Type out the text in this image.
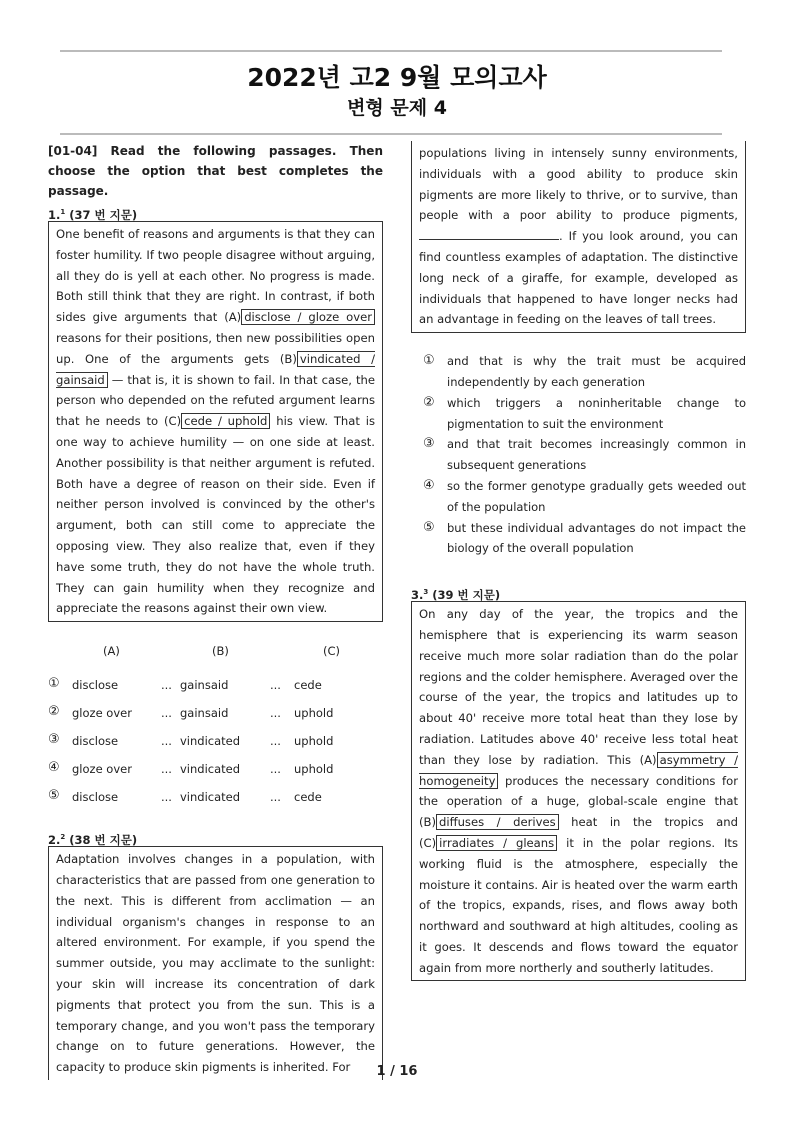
2022년 고2 9월 모의고사
변형 문제 4
[01-04] Read the following passages. Then choose the option that best completes the passage.
1.$^1$ (37 번 지문)

One benefit of reasons and arguments is that they can foster humility. If two people disagree without arguing, all they do is yell at each other. No progress is made. Both still think that they are right. In contrast, if both sides give arguments that (A) disclose / gloze over reasons for their positions, then new possibilities open up. One of the arguments gets (B) vindicated / gainsaid — that is, it is shown to fail. In that case, the person who depended on the refuted argument learns that he needs to (C) cede / uphold his view. That is one way to achieve humility — on one side at least. Another possibility is that neither argument is refuted. Both have a degree of reason on their side. Even if neither person involved is convinced by the other's argument, both can still come to appreciate the opposing view. They also realize that, even if they have some truth, they do not have the whole truth. They can gain humility when they recognize and appreciate the reasons against their own view.

(A)	(B)	(C)
① disclose	... gainsaid	... cede
② gloze over	... gainsaid	... uphold
③ disclose	... vindicated	... uphold
④ gloze over	... vindicated	... uphold
⑤ disclose	... vindicated	... cede
2.$^2$ (38 번 지문)

Adaptation involves changes in a population, with characteristics that are passed from one generation to the next. This is different from acclimation — an individual organism's changes in response to an altered environment. For example, if you spend the summer outside, you may acclimate to the sunlight: your skin will increase its concentration of dark pigments that protect you from the sun. This is a temporary change, and you won't pass the temporary change on to future generations. However, the capacity to produce skin pigments is inherited. For

populations living in intensely sunny environments, individuals with a good ability to produce skin pigments are more likely to thrive, or to survive, than people with a poor ability to produce pigments, . If you look around, you can find countless examples of adaptation. The distinctive long neck of a giraffe, for example, developed as individuals that happened to have longer necks had an advantage in feeding on the leaves of tall trees.

① and that is why the trait must be acquired independently by each generation
② which triggers a noninheritable change to pigmentation to suit the environment
③ and that trait becomes increasingly common in subsequent generations
④ so the former genotype gradually gets weeded out of the population
⑤ but these individual advantages do not impact the biology of the overall population
3.$^3$ (39 번 지문)

On any day of the year, the tropics and the hemisphere that is experiencing its warm season receive much more solar radiation than do the polar regions and the colder hemisphere. Averaged over the course of the year, the tropics and latitudes up to about 40' receive more total heat than they lose by radiation. Latitudes above 40' receive less total heat than they lose by radiation. This (A) asymmetry / homogeneity produces the necessary conditions for the operation of a huge, global-scale engine that (B) diffuses / derives heat in the tropics and (C) irradiates / gleans it in the polar regions. Its working fluid is the atmosphere, especially the moisture it contains. Air is heated over the warm earth of the tropics, expands, rises, and flows away both northward and southward at high altitudes, cooling as it goes. It descends and flows toward the equator again from more northerly and southerly latitudes.

1 / 16
